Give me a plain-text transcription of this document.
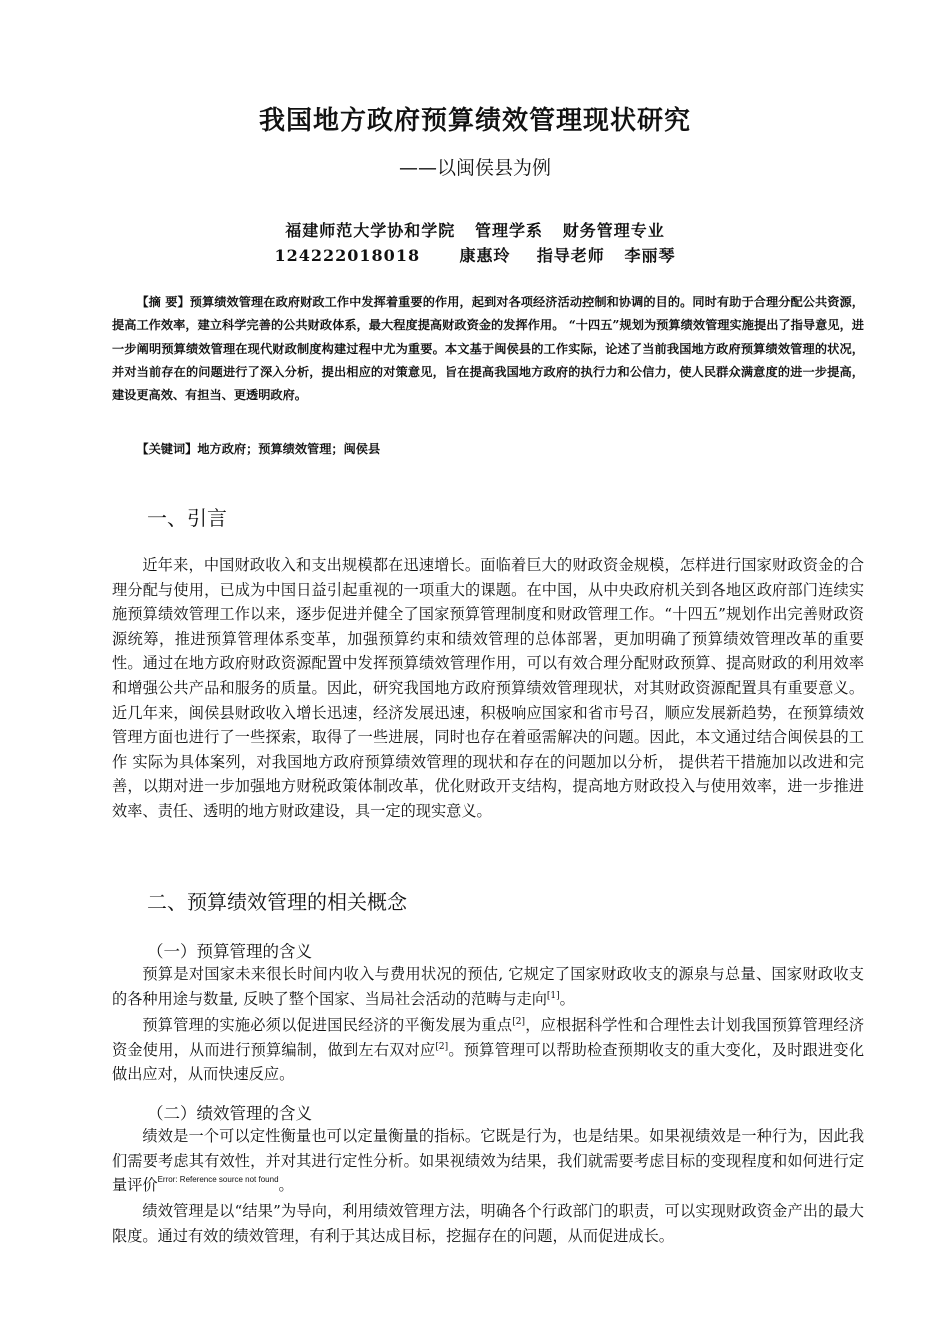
我国地方政府预算绩效管理现状研究
——以闽侯县为例
福建师范大学协和学院   管理学系   财务管理专业
124222018018      康惠玲    指导老师   李丽琴
【摘 要】预算绩效管理在政府财政工作中发挥着重要的作用，起到对各项经济活动控制和协调的目的。同时有助于合理分配公共资源，提高工作效率，建立科学完善的公共财政体系，最大程度提高财政资金的发挥作用。 “十四五”规划为预算绩效管理实施提出了指导意见，进一步阐明预算绩效管理在现代财政制度构建过程中尤为重要。本文基于闽侯县的工作实际，论述了当前我国地方政府预算绩效管理的状况，并对当前存在的问题进行了深入分析，提出相应的对策意见，旨在提高我国地方政府的执行力和公信力，使人民群众满意度的进一步提高，建设更高效、有担当、更透明政府。
【关键词】地方政府；预算绩效管理；闽侯县
一、引言
近年来，中国财政收入和支出规模都在迅速增长。面临着巨大的财政资金规模，怎样进行国家财政资金的合理分配与使用，已成为中国日益引起重视的一项重大的课题。在中国，从中央政府机关到各地区政府部门连续实施预算绩效管理工作以来，逐步促进并健全了国家预算管理制度和财政管理工作。“十四五”规划作出完善财政资源统筹，推进预算管理体系变革，加强预算约束和绩效管理的总体部署，更加明确了预算绩效管理改革的重要性。通过在地方政府财政资源配置中发挥预算绩效管理作用，可以有效合理分配财政预算、提高财政的利用效率和增强公共产品和服务的质量。因此，研究我国地方政府预算绩效管理现状，对其财政资源配置具有重要意义。近几年来，闽侯县财政收入增长迅速，经济发展迅速，积极响应国家和省市号召，顺应发展新趋势，在预算绩效管理方面也进行了一些探索，取得了一些进展，同时也存在着亟需解决的问题。因此，本文通过结合闽侯县的工作 实际为具体案列，对我国地方政府预算绩效管理的现状和存在的问题加以分析， 提供若干措施加以改进和完善，以期对进一步加强地方财税政策体制改革，优化财政开支结构，提高地方财政投入与使用效率，进一步推进效率、责任、透明的地方财政建设，具一定的现实意义。
二、预算绩效管理的相关概念
（一）预算管理的含义
预算是对国家未来很长时间内收入与费用状况的预估, 它规定了国家财政收支的源泉与总量、国家财政收支的各种用途与数量, 反映了整个国家、当局社会活动的范畴与走向[1]。
预算管理的实施必须以促进国民经济的平衡发展为重点[2]，应根据科学性和合理性去计划我国预算管理经济资金使用，从而进行预算编制，做到左右双对应[2]。预算管理可以帮助检查预期收支的重大变化，及时跟进变化做出应对，从而快速反应。
（二）绩效管理的含义
绩效是一个可以定性衡量也可以定量衡量的指标。它既是行为，也是结果。如果视绩效是一种行为，因此我们需要考虑其有效性，并对其进行定性分析。如果视绩效为结果，我们就需要考虑目标的变现程度和如何进行定量评价$^{Error: Reference source not found}$。
绩效管理是以“结果”为导向，利用绩效管理方法，明确各个行政部门的职责，可以实现财政资金产出的最大限度。通过有效的绩效管理，有利于其达成目标，挖掘存在的问题，从而促进成长。
